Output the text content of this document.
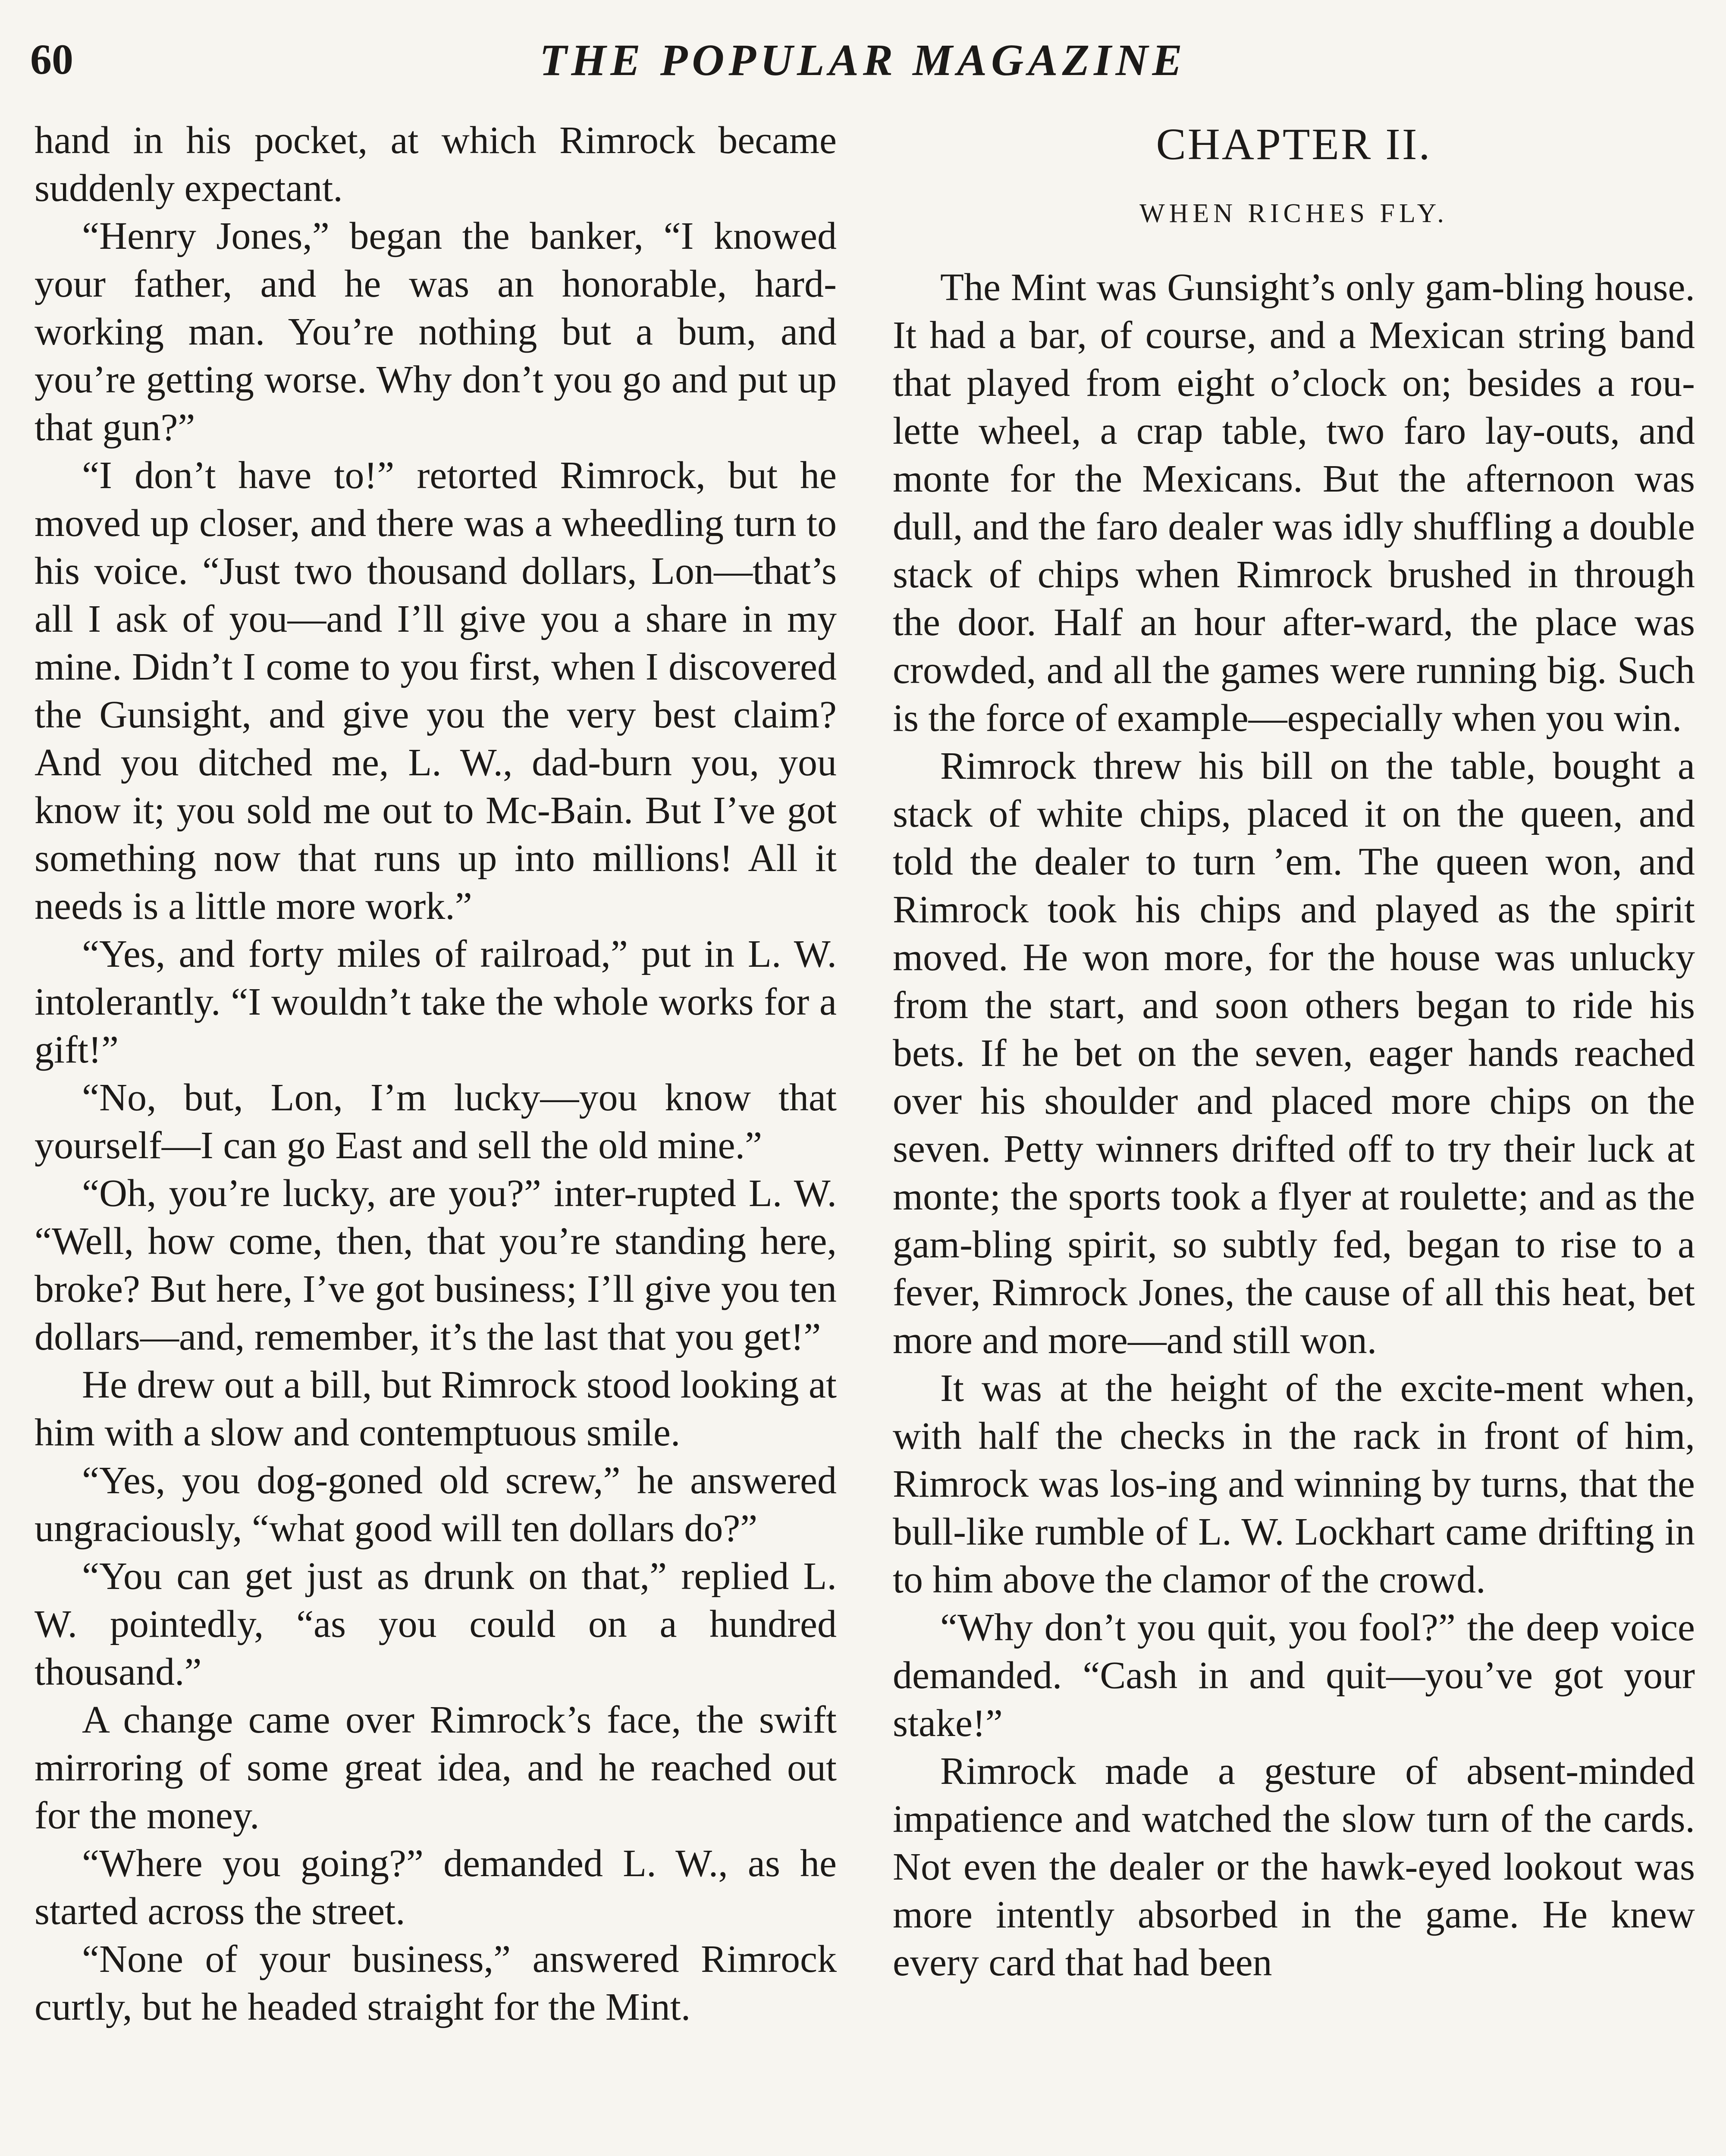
60	THE POPULAR MAGAZINE

hand in his pocket, at which Rimrock became suddenly expectant.

“Henry Jones,” began the banker, “I knowed your father, and he was an honorable, hard-working man. You’re nothing but a bum, and you’re getting worse. Why don’t you go and put up that gun?”

“I don’t have to!” retorted Rimrock, but he moved up closer, and there was a wheedling turn to his voice. “Just two thousand dollars, Lon—that’s all I ask of you—and I’ll give you a share in my mine. Didn’t I come to you first, when I discovered the Gunsight, and give you the very best claim? And you ditched me, L. W., dad-burn you, you know it; you sold me out to Mc-Bain. But I’ve got something now that runs up into millions! All it needs is a little more work.”

“Yes, and forty miles of railroad,” put in L. W. intolerantly. “I wouldn’t take the whole works for a gift!”

“No, but, Lon, I’m lucky—you know that yourself—I can go East and sell the old mine.”

“Oh, you’re lucky, are you?” inter-rupted L. W. “Well, how come, then, that you’re standing here, broke? But here, I’ve got business; I’ll give you ten dollars—and, remember, it’s the last that you get!”

He drew out a bill, but Rimrock stood looking at him with a slow and contemptuous smile.

“Yes, you dog-goned old screw,” he answered ungraciously, “what good will ten dollars do?”

“You can get just as drunk on that,” replied L. W. pointedly, “as you could on a hundred thousand.”

A change came over Rimrock’s face, the swift mirroring of some great idea, and he reached out for the money.

“Where you going?” demanded L. W., as he started across the street.

“None of your business,” answered Rimrock curtly, but he headed straight for the Mint.

CHAPTER II.
WHEN RICHES FLY.

The Mint was Gunsight’s only gam-bling house. It had a bar, of course, and a Mexican string band that played from eight o’clock on; besides a rou-lette wheel, a crap table, two faro lay-outs, and monte for the Mexicans. But the afternoon was dull, and the faro dealer was idly shuffling a double stack of chips when Rimrock brushed in through the door. Half an hour after-ward, the place was crowded, and all the games were running big. Such is the force of example—especially when you win.

Rimrock threw his bill on the table, bought a stack of white chips, placed it on the queen, and told the dealer to turn ’em. The queen won, and Rimrock took his chips and played as the spirit moved. He won more, for the house was unlucky from the start, and soon others began to ride his bets. If he bet on the seven, eager hands reached over his shoulder and placed more chips on the seven. Petty winners drifted off to try their luck at monte; the sports took a flyer at roulette; and as the gam-bling spirit, so subtly fed, began to rise to a fever, Rimrock Jones, the cause of all this heat, bet more and more—and still won.

It was at the height of the excite-ment when, with half the checks in the rack in front of him, Rimrock was los-ing and winning by turns, that the bull-like rumble of L. W. Lockhart came drifting in to him above the clamor of the crowd.

“Why don’t you quit, you fool?” the deep voice demanded. “Cash in and quit—you’ve got your stake!”

Rimrock made a gesture of absent-minded impatience and watched the slow turn of the cards. Not even the dealer or the hawk-eyed lookout was more intently absorbed in the game. He knew every card that had been
